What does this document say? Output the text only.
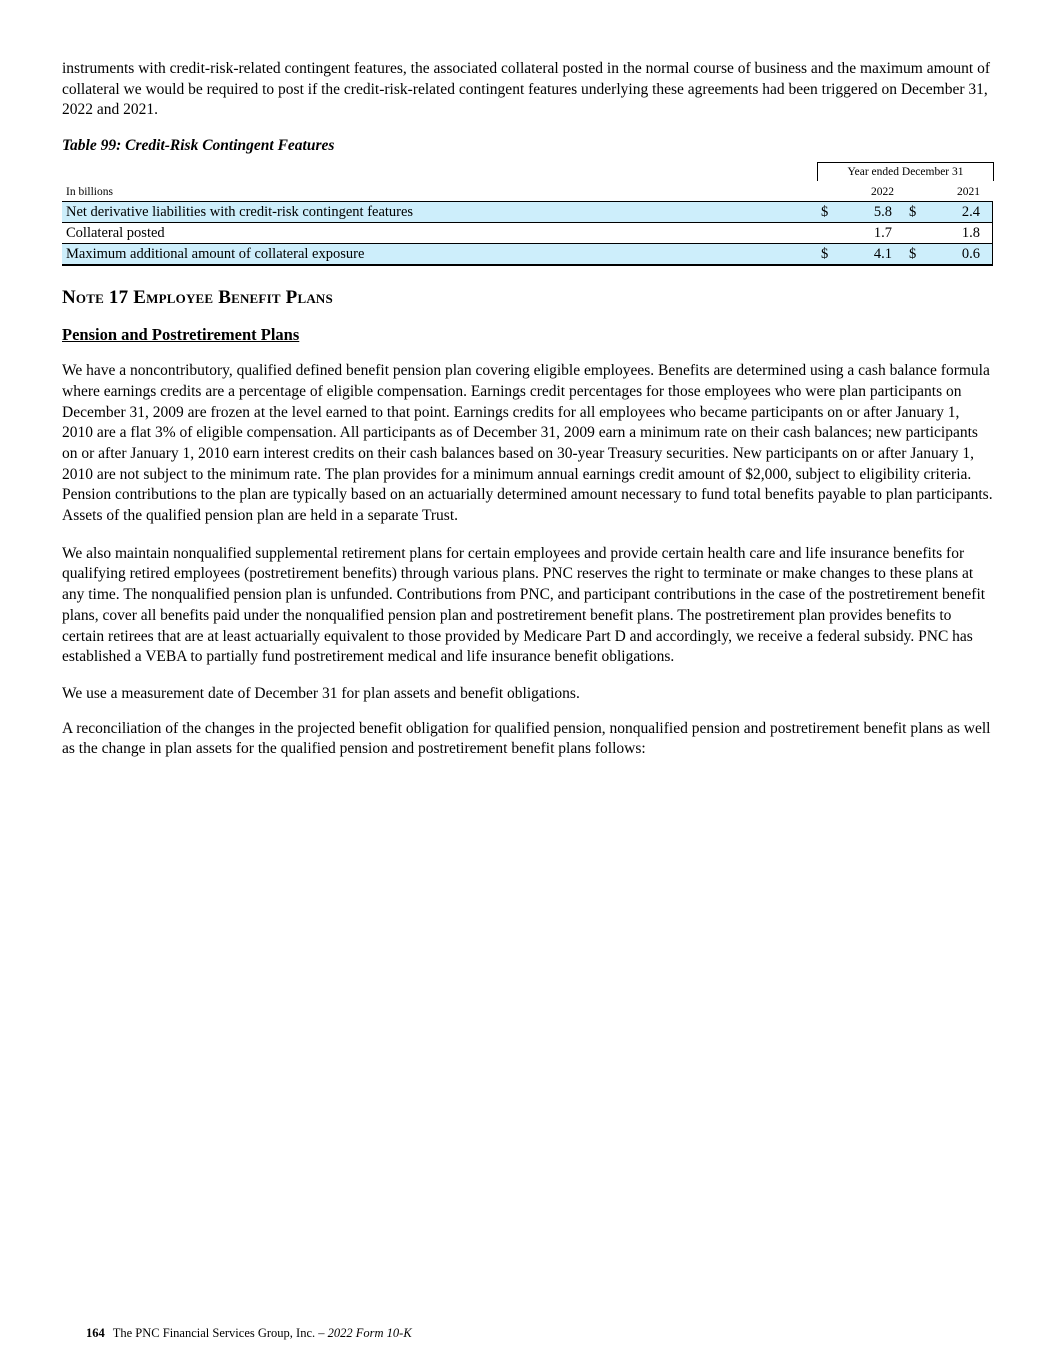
instruments with credit-risk-related contingent features, the associated collateral posted in the normal course of business and the maximum amount of collateral we would be required to post if the credit-risk-related contingent features underlying these agreements had been triggered on December 31, 2022 and 2021.

Table 99: Credit-Risk Contingent Features
Year ended December 31
In billions	2022	2021
Net derivative liabilities with credit-risk contingent features	$	5.8 $	2.4
Collateral posted	1.7	1.8
Maximum additional amount of collateral exposure	$	4.1 $	0.6
Note 17 Employee Benefit Plans
Pension and Postretirement Plans

We have a noncontributory, qualified defined benefit pension plan covering eligible employees. Benefits are determined using a cash balance formula where earnings credits are a percentage of eligible compensation. Earnings credit percentages for those employees who were plan participants on December 31, 2009 are frozen at the level earned to that point. Earnings credits for all employees who became participants on or after January 1, 2010 are a flat 3% of eligible compensation. All participants as of December 31, 2009 earn a minimum rate on their cash balances; new participants on or after January 1, 2010 earn interest credits on their cash balances based on 30-year Treasury securities. New participants on or after January 1, 2010 are not subject to the minimum rate. The plan provides for a minimum annual earnings credit amount of $2,000, subject to eligibility criteria. Pension contributions to the plan are typically based on an actuarially determined amount necessary to fund total benefits payable to plan participants. Assets of the qualified pension plan are held in a separate Trust.

We also maintain nonqualified supplemental retirement plans for certain employees and provide certain health care and life insurance benefits for qualifying retired employees (postretirement benefits) through various plans. PNC reserves the right to terminate or make changes to these plans at any time. The nonqualified pension plan is unfunded. Contributions from PNC, and participant contributions in the case of the postretirement benefit plans, cover all benefits paid under the nonqualified pension plan and postretirement benefit plans. The postretirement plan provides benefits to certain retirees that are at least actuarially equivalent to those provided by Medicare Part D and accordingly, we receive a federal subsidy. PNC has established a VEBA to partially fund postretirement medical and life insurance benefit obligations.

We use a measurement date of December 31 for plan assets and benefit obligations.

A reconciliation of the changes in the projected benefit obligation for qualified pension, nonqualified pension and postretirement benefit plans as well as the change in plan assets for the qualified pension and postretirement benefit plans follows:

164 The PNC Financial Services Group, Inc. – 2022 Form 10-K
